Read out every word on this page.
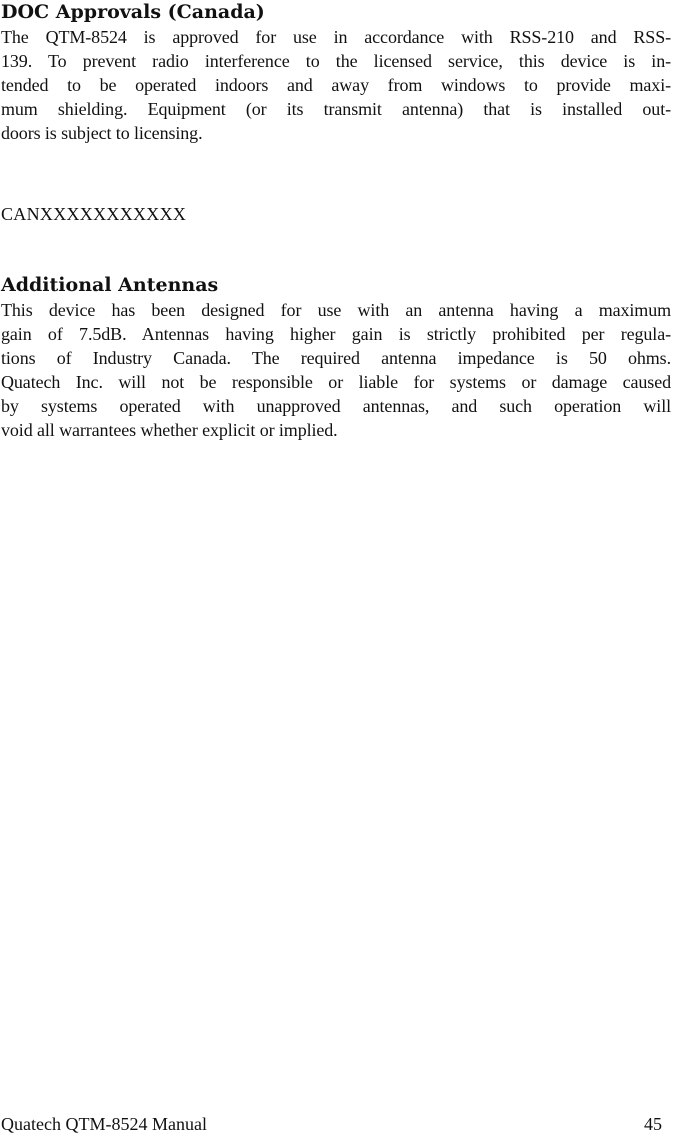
DOC Approvals (Canada)
The QTM-8524 is approved for use in accordance with RSS-210 and RSS-
139. To prevent radio interference to the licensed service, this device is in-
tended to be operated indoors and away from windows to provide maxi-
mum shielding. Equipment (or its transmit antenna) that is installed out-
doors is subject to licensing.

CANXXXXXXXXXXX

Additional Antennas
This device has been designed for use with an antenna having a maximum
gain of 7.5dB. Antennas having higher gain is strictly prohibited per regula-
tions of Industry Canada. The required antenna impedance is 50 ohms.
Quatech Inc. will not be responsible or liable for systems or damage caused
by systems operated with unapproved antennas, and such operation will
void all warrantees whether explicit or implied.

Quatech QTM-8524 Manual	45
